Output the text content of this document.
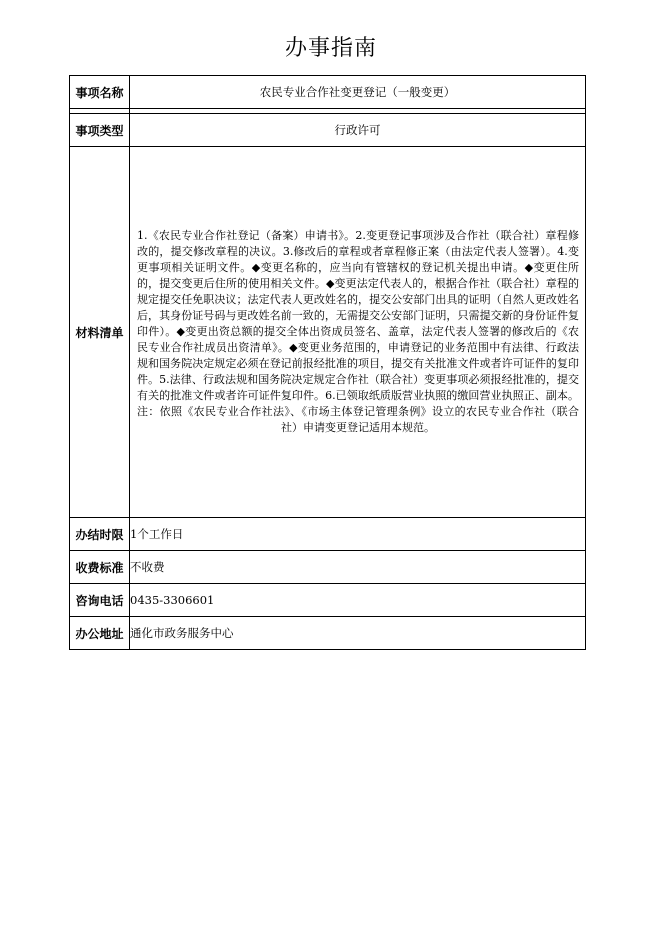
办事指南
事项名称	农民专业合作社变更登记（一般变更）

事项类型	行政许可
材料清单	1.《农民专业合作社登记（备案）申请书》。2.变更登记事项涉及合作社（联合社）章程修改的，提交修改章程的决议。3.修改后的章程或者章程修正案（由法定代表人签署）。4.变更事项相关证明文件。◆变更名称的，应当向有管辖权的登记机关提出申请。◆变更住所的，提交变更后住所的使用相关文件。◆变更法定代表人的，根据合作社（联合社）章程的规定提交任免职决议；法定代表人更改姓名的，提交公安部门出具的证明（自然人更改姓名后，其身份证号码与更改姓名前一致的，无需提交公安部门证明，只需提交新的身份证件复印件）。◆变更出资总额的提交全体出资成员签名、盖章，法定代表人签署的修改后的《农民专业合作社成员出资清单》。◆变更业务范围的，申请登记的业务范围中有法律、行政法规和国务院决定规定必须在登记前报经批准的项目，提交有关批准文件或者许可证件的复印件。5.法律、行政法规和国务院决定规定合作社（联合社）变更事项必须报经批准的，提交有关的批准文件或者许可证件复印件。6.已领取纸质版营业执照的缴回营业执照正、副本。注：依照《农民专业合作社法》、《市场主体登记管理条例》设立的农民专业合作社（联合社）申请变更登记适用本规范。

办结时限	1个工作日
收费标准	不收费
咨询电话	0435-3306601
办公地址	通化市政务服务中心
